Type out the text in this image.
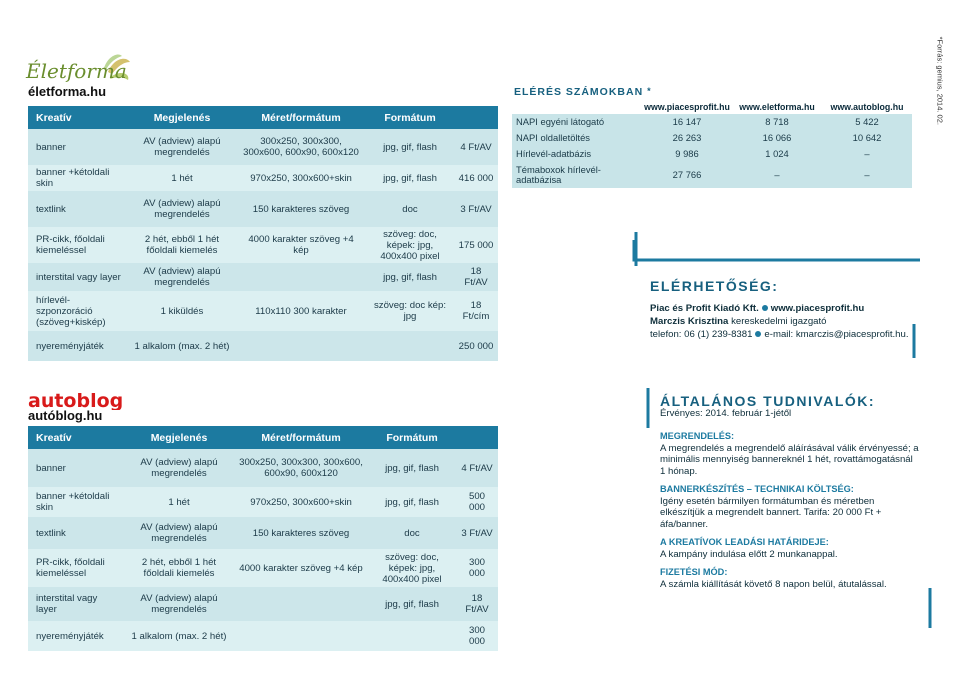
Életforma
életforma.hu
Kreatív	Megjelenés	Méret/formátum	Formátum	
banner	AV (adview) alapú megrendelés	300x250, 300x300, 300x600, 600x90, 600x120	jpg, gif, flash	4 Ft/AV
banner +kétoldali skin	1 hét	970x250, 300x600+skin	jpg, gif, flash	416 000
textlink	AV (adview) alapú megrendelés	150 karakteres szöveg	doc	3 Ft/AV
PR-cikk, főoldali kiemeléssel	2 hét, ebből 1 hét főoldali kiemelés	4000 karakter szöveg +4 kép	szöveg: doc, képek: jpg, 400x400 pixel	175 000
interstital vagy layer	AV (adview) alapú megrendelés		jpg, gif, flash	18 Ft/AV
hírlevél-szponzoráció (szöveg+kiskép)	1 kiküldés	110x110 300 karakter	szöveg: doc kép: jpg	18 Ft/cím
nyereményjáték	1 alkalom (max. 2 hét)			250 000
ELÉRÉS SZÁMOKBAN *
	www.piacesprofit.hu	www.eletforma.hu	www.autoblog.hu
NAPI egyéni látogató	16 147	8 718	5 422
NAPI oldalletöltés	26 263	16 066	10 642
Hírlevél-adatbázis	9 986	1 024	–
Témaboxok hírlevél-adatbázisa	27 766	–	–
*Forrás: gemius, 2014. 02.
ELÉRHETŐSÉG:
Piac és Profit Kiadó Kft. www.piacesprofit.hu
Marczis Krisztina kereskedelmi igazgató
telefon: 06 (1) 239-8381 e-mail: kmarczis@piacesprofit.hu.
autoblog
autóblog.hu
Kreatív	Megjelenés	Méret/formátum	Formátum	
banner	AV (adview) alapú megrendelés	300x250, 300x300, 300x600, 600x90, 600x120	jpg, gif, flash	4 Ft/AV
banner +kétoldali skin	1 hét	970x250, 300x600+skin	jpg, gif, flash	500 000
textlink	AV (adview) alapú megrendelés	150 karakteres szöveg	doc	3 Ft/AV
PR-cikk, főoldali kiemeléssel	2 hét, ebből 1 hét főoldali kiemelés	4000 karakter szöveg +4 kép	szöveg: doc, képek: jpg, 400x400 pixel	300 000
interstital vagy layer	AV (adview) alapú megrendelés		jpg, gif, flash	18 Ft/AV
nyereményjáték	1 alkalom (max. 2 hét)			300 000
ÁLTALÁNOS TUDNIVALÓK:
Érvényes: 2014. február 1-jétől
MEGRENDELÉS:
A megrendelés a megrendelő aláírásával válik érvényessé; a minimális mennyiség bannereknél 1 hét, rovattámogatásnál 1 hónap.
BANNERKÉSZÍTÉS – TECHNIKAI KÖLTSÉG:
Igény esetén bármilyen formátumban és méretben elkészítjük a megrendelt bannert. Tarifa: 20 000 Ft + áfa/banner.
A KREATÍVOK LEADÁSI HATÁRIDEJE:
A kampány indulása előtt 2 munkanappal.
FIZETÉSI MÓD:
A számla kiállítását követő 8 napon belül, átutalással.
